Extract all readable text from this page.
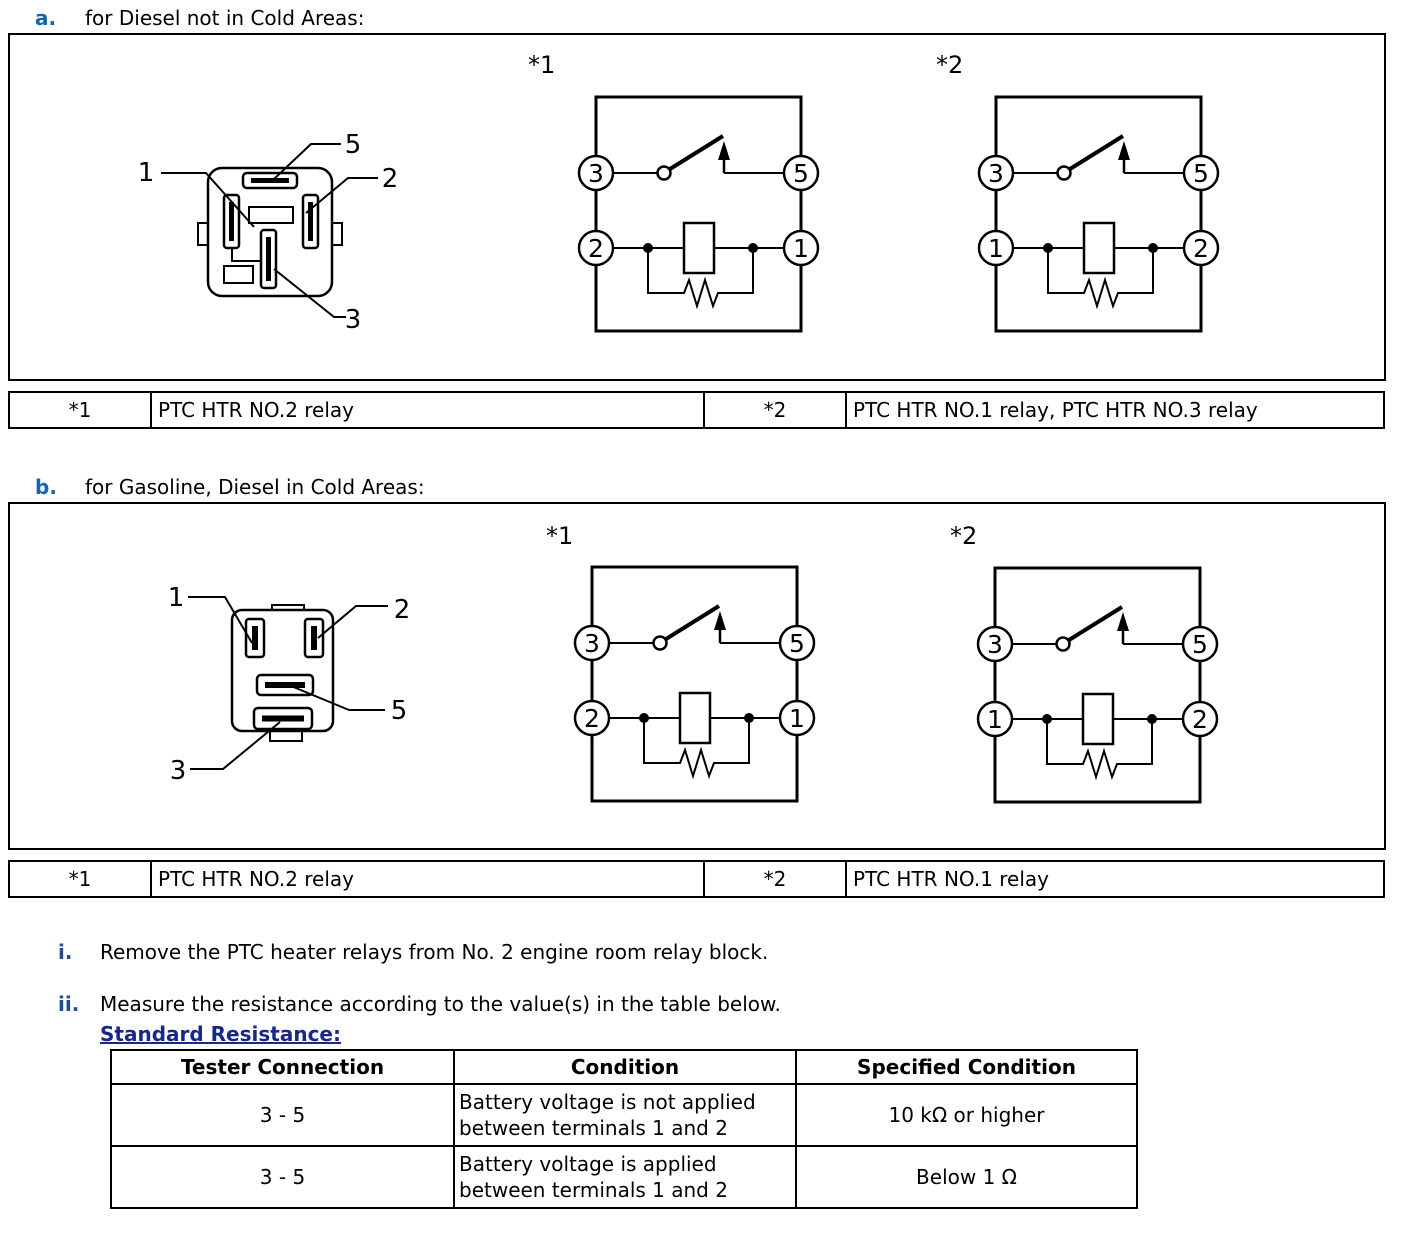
a.	for Diesel not in Cold Areas:
1
5
2
3
*1
3	5
2	1
*2
3	5
1	2
*1	PTC HTR NO.2 relay	*2	PTC HTR NO.1 relay, PTC HTR NO.3 relay
b.	for Gasoline, Diesel in Cold Areas:
1	2
5
3
*1
3	5
2	1
*2
3	5
1	2
*1	PTC HTR NO.2 relay	*2	PTC HTR NO.1 relay
i.	Remove the PTC heater relays from No. 2 engine room relay block.
ii.	Measure the resistance according to the value(s) in the table below.
Standard Resistance:
Tester Connection	Condition	Specified Condition
3 - 5	Battery voltage is not applied between terminals 1 and 2	10 kΩ or higher
3 - 5	Battery voltage is applied between terminals 1 and 2	Below 1 Ω
